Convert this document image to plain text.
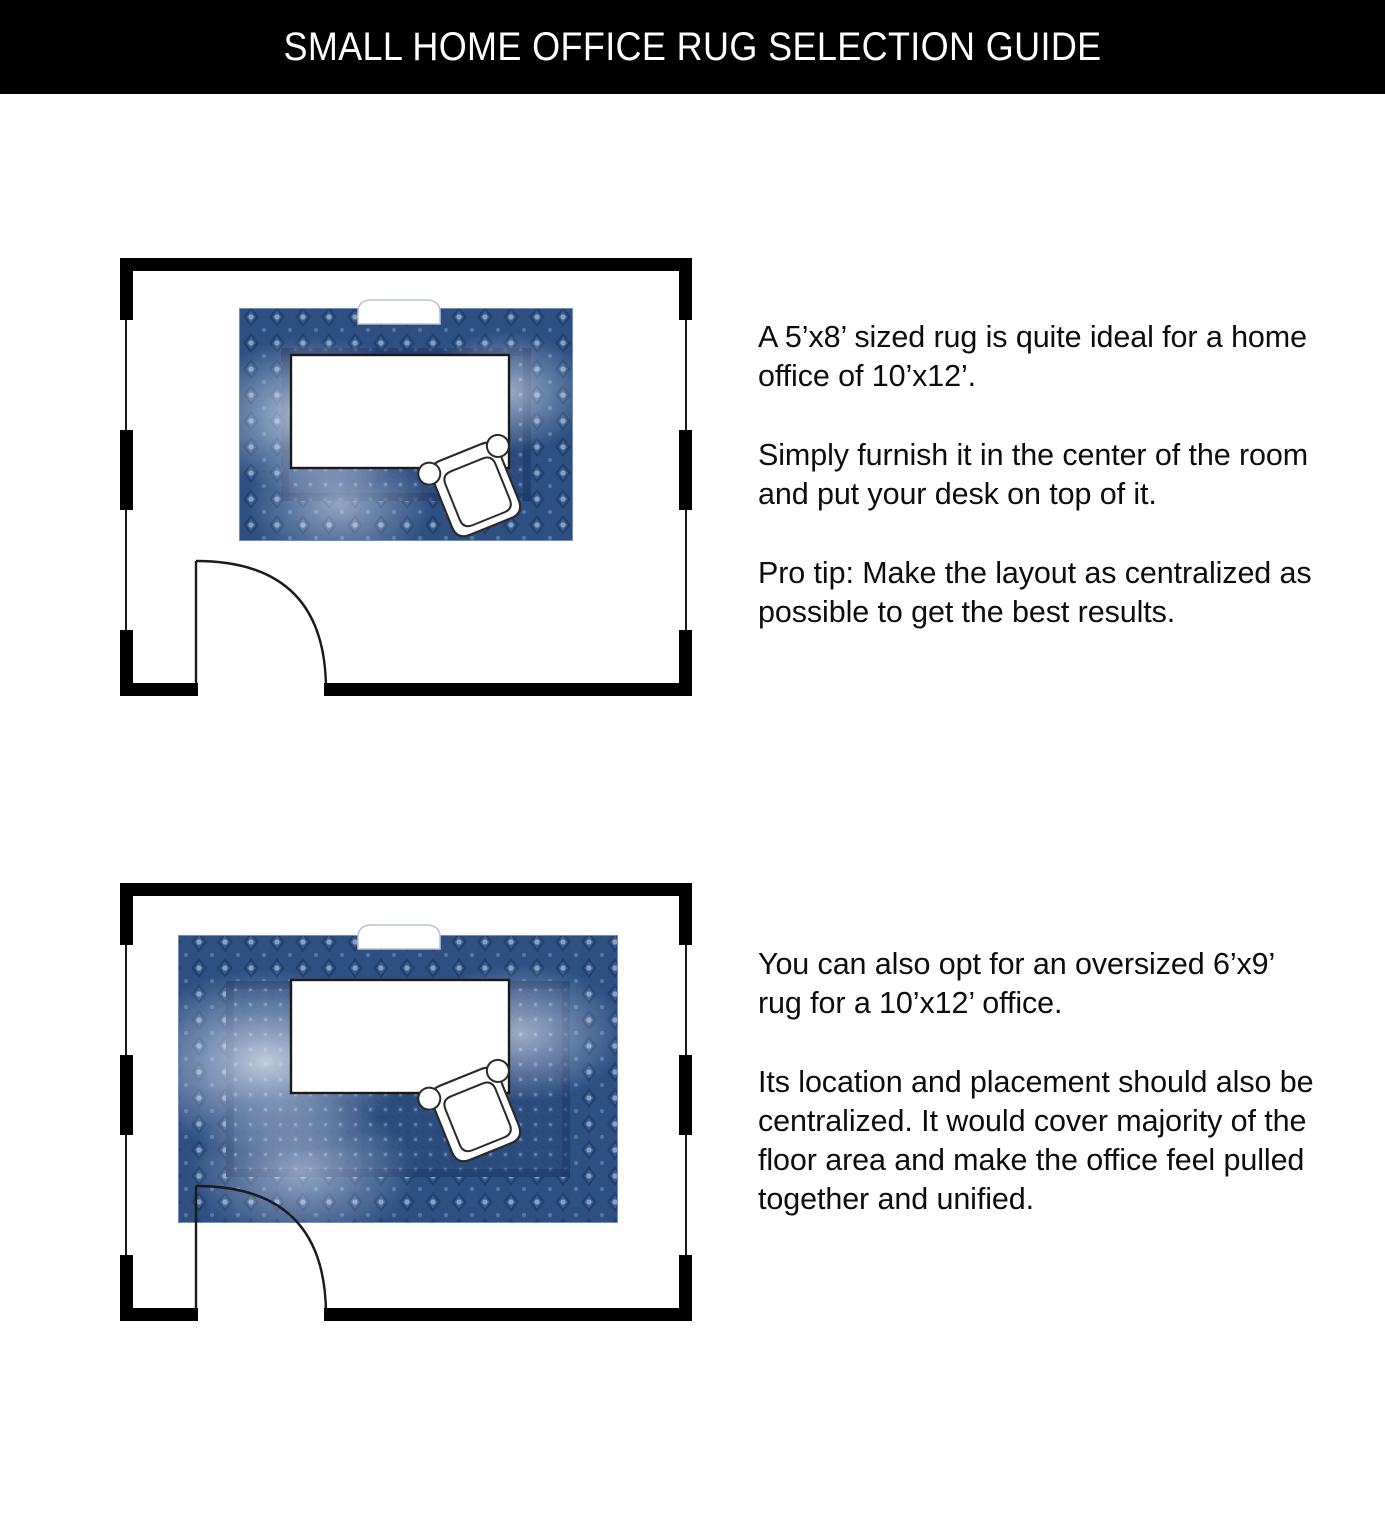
SMALL HOME OFFICE RUG SELECTION GUIDE

A 5’x8’ sized rug is quite ideal for a home office of 10’x12’.

Simply furnish it in the center of the room and put your desk on top of it.

Pro tip: Make the layout as centralized as possible to get the best results.

You can also opt for an oversized 6’x9’ rug for a 10’x12’ office.

Its location and placement should also be centralized. It would cover majority of the floor area and make the office feel pulled together and unified.
